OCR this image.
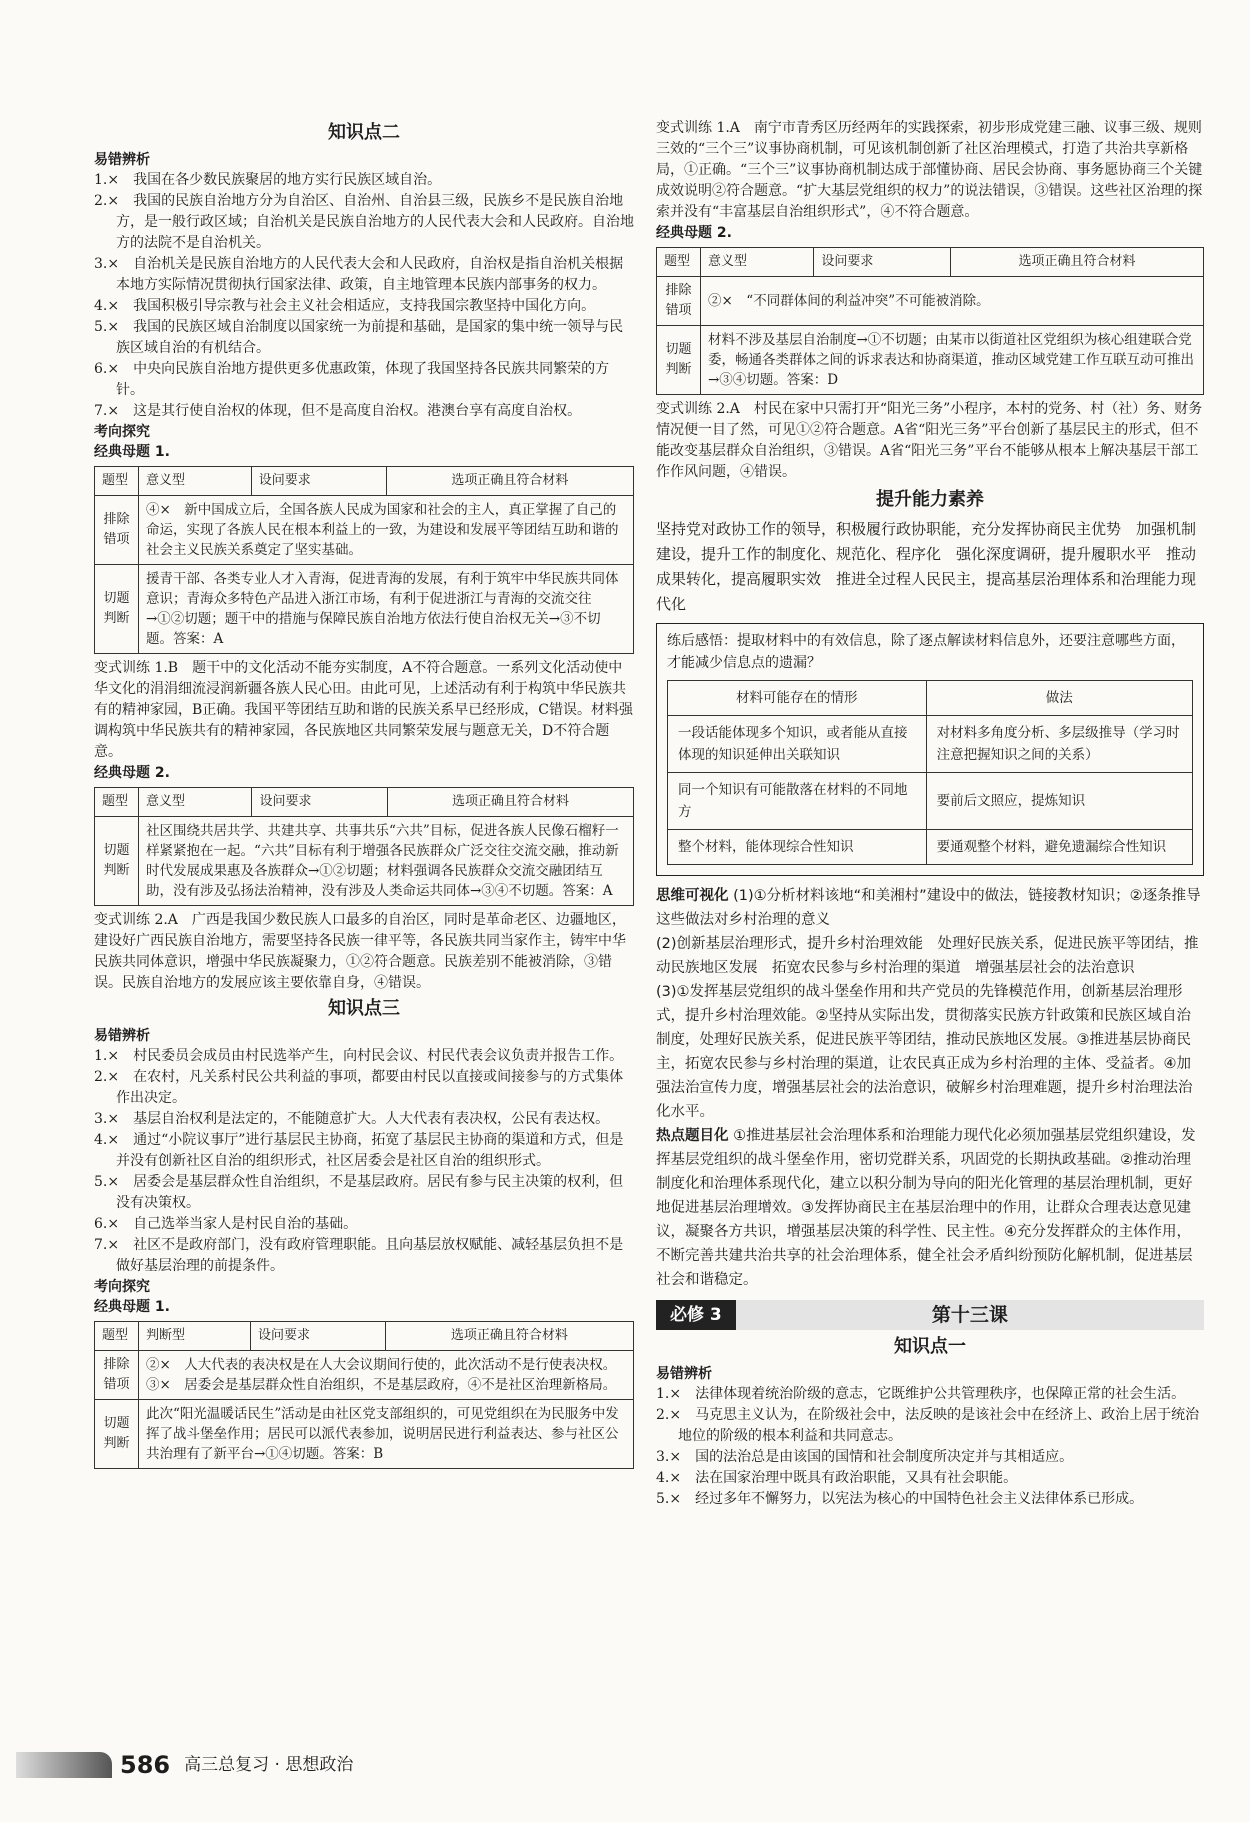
知识点二
易错辨析
1.×　我国在各少数民族聚居的地方实行民族区域自治。
2.×　我国的民族自治地方分为自治区、自治州、自治县三级，民族乡不是民族自治地方，是一般行政区域；自治机关是民族自治地方的人民代表大会和人民政府。自治地方的法院不是自治机关。
3.×　自治机关是民族自治地方的人民代表大会和人民政府，自治权是指自治机关根据本地方实际情况贯彻执行国家法律、政策，自主地管理本民族内部事务的权力。
4.×　我国积极引导宗教与社会主义社会相适应，支持我国宗教坚持中国化方向。
5.×　我国的民族区域自治制度以国家统一为前提和基础，是国家的集中统一领导与民族区域自治的有机结合。
6.×　中央向民族自治地方提供更多优惠政策，体现了我国坚持各民族共同繁荣的方针。
7.×　这是其行使自治权的体现，但不是高度自治权。港澳台享有高度自治权。
考向探究
经典母题 1.
题型	意义型	设问要求	选项正确且符合材料
排除错项	④×　新中国成立后，全国各族人民成为国家和社会的主人，真正掌握了自己的命运，实现了各族人民在根本利益上的一致，为建设和发展平等团结互助和谐的社会主义民族关系奠定了坚实基础。		
切题判断	援青干部、各类专业人才入青海，促进青海的发展，有利于筑牢中华民族共同体意识；青海众多特色产品进入浙江市场，有利于促进浙江与青海的交流交往→①②切题；题干中的措施与保障民族自治地方依法行使自治权无关→③不切题。答案：A		
变式训练 1.B　题干中的文化活动不能夯实制度，A不符合题意。一系列文化活动使中华文化的涓涓细流浸润新疆各族人民心田。由此可见，上述活动有利于构筑中华民族共有的精神家园，B正确。我国平等团结互助和谐的民族关系早已经形成，C错误。材料强调构筑中华民族共有的精神家园，各民族地区共同繁荣发展与题意无关，D不符合题意。
经典母题 2.
题型	意义型	设问要求	选项正确且符合材料
切题判断	社区围绕共居共学、共建共享、共事共乐“六共”目标，促进各族人民像石榴籽一样紧紧抱在一起。“六共”目标有利于增强各民族群众广泛交往交流交融，推动新时代发展成果惠及各族群众→①②切题；材料强调各民族群众交流交融团结互助，没有涉及弘扬法治精神，没有涉及人类命运共同体→③④不切题。答案：A		
变式训练 2.A　广西是我国少数民族人口最多的自治区，同时是革命老区、边疆地区，建设好广西民族自治地方，需要坚持各民族一律平等，各民族共同当家作主，铸牢中华民族共同体意识，增强中华民族凝聚力，①②符合题意。民族差别不能被消除，③错误。民族自治地方的发展应该主要依靠自身，④错误。
知识点三
易错辨析
1.×　村民委员会成员由村民选举产生，向村民会议、村民代表会议负责并报告工作。
2.×　在农村，凡关系村民公共利益的事项，都要由村民以直接或间接参与的方式集体作出决定。
3.×　基层自治权利是法定的，不能随意扩大。人大代表有表决权，公民有表达权。
4.×　通过“小院议事厅”进行基层民主协商，拓宽了基层民主协商的渠道和方式，但是并没有创新社区自治的组织形式，社区居委会是社区自治的组织形式。
5.×　居委会是基层群众性自治组织，不是基层政府。居民有参与民主决策的权利，但没有决策权。
6.×　自己选举当家人是村民自治的基础。
7.×　社区不是政府部门，没有政府管理职能。且向基层放权赋能、减轻基层负担不是做好基层治理的前提条件。
考向探究
经典母题 1.
题型	判断型	设问要求	选项正确且符合材料
排除错项	②×　人大代表的表决权是在人大会议期间行使的，此次活动不是行使表决权。③×　居委会是基层群众性自治组织，不是基层政府，④不是社区治理新格局。		
切题判断	此次“阳光温暖话民生”活动是由社区党支部组织的，可见党组织在为民服务中发挥了战斗堡垒作用；居民可以派代表参加，说明居民进行利益表达、参与社区公共治理有了新平台→①④切题。答案：B		
变式训练 1.A　南宁市青秀区历经两年的实践探索，初步形成党建三融、议事三级、规则三效的“三个三”议事协商机制，可见该机制创新了社区治理模式，打造了共治共享新格局，①正确。“三个三”议事协商机制达成于部懂协商、居民会协商、事务愿协商三个关键成效说明②符合题意。“扩大基层党组织的权力”的说法错误，③错误。这些社区治理的探索并没有“丰富基层自治组织形式”，④不符合题意。
经典母题 2.
题型	意义型	设问要求	选项正确且符合材料
排除错项	②×　“不同群体间的利益冲突”不可能被消除。		
切题判断	材料不涉及基层自治制度→①不切题；由某市以街道社区党组织为核心组建联合党委，畅通各类群体之间的诉求表达和协商渠道，推动区域党建工作互联互动可推出→③④切题。答案：D		
变式训练 2.A　村民在家中只需打开“阳光三务”小程序，本村的党务、村（社）务、财务情况便一目了然，可见①②符合题意。A省“阳光三务”平台创新了基层民主的形式，但不能改变基层群众自治组织，③错误。A省“阳光三务”平台不能够从根本上解决基层干部工作作风问题，④错误。
提升能力素养
坚持党对政协工作的领导，积极履行政协职能，充分发挥协商民主优势　加强机制建设，提升工作的制度化、规范化、程序化　强化深度调研，提升履职水平　推动成果转化，提高履职实效　推进全过程人民民主，提高基层治理体系和治理能力现代化
练后感悟：提取材料中的有效信息，除了逐点解读材料信息外，还要注意哪些方面，才能减少信息点的遗漏？
材料可能存在的情形	做法
一段话能体现多个知识，或者能从直接体现的知识延伸出关联知识	对材料多角度分析、多层级推导（学习时注意把握知识之间的关系）
同一个知识有可能散落在材料的不同地方	要前后文照应，提炼知识
整个材料，能体现综合性知识	要通观整个材料，避免遗漏综合性知识
思维可视化 (1)①分析材料该地“和美湘村”建设中的做法，链接教材知识；②逐条推导这些做法对乡村治理的意义
(2)创新基层治理形式，提升乡村治理效能　处理好民族关系，促进民族平等团结，推动民族地区发展　拓宽农民参与乡村治理的渠道　增强基层社会的法治意识
(3)①发挥基层党组织的战斗堡垒作用和共产党员的先锋模范作用，创新基层治理形式，提升乡村治理效能。②坚持从实际出发，贯彻落实民族方针政策和民族区域自治制度，处理好民族关系，促进民族平等团结，推动民族地区发展。③推进基层协商民主，拓宽农民参与乡村治理的渠道，让农民真正成为乡村治理的主体、受益者。④加强法治宣传力度，增强基层社会的法治意识，破解乡村治理难题，提升乡村治理法治化水平。
热点题目化 ①推进基层社会治理体系和治理能力现代化必须加强基层党组织建设，发挥基层党组织的战斗堡垒作用，密切党群关系，巩固党的长期执政基础。②推动治理制度化和治理体系现代化，建立以积分制为导向的阳光化管理的基层治理机制，更好地促进基层治理增效。③发挥协商民主在基层治理中的作用，让群众合理表达意见建议，凝聚各方共识，增强基层决策的科学性、民主性。④充分发挥群众的主体作用，不断完善共建共治共享的社会治理体系，健全社会矛盾纠纷预防化解机制，促进基层社会和谐稳定。
必修 3	第十三课
知识点一
易错辨析
1.×　法律体现着统治阶级的意志，它既维护公共管理秩序，也保障正常的社会生活。
2.×　马克思主义认为，在阶级社会中，法反映的是该社会中在经济上、政治上居于统治地位的阶级的根本利益和共同意志。
3.×　国的法治总是由该国的国情和社会制度所决定并与其相适应。
4.×　法在国家治理中既具有政治职能，又具有社会职能。
5.×　经过多年不懈努力，以宪法为核心的中国特色社会主义法律体系已形成。
586 高三总复习 · 思想政治
